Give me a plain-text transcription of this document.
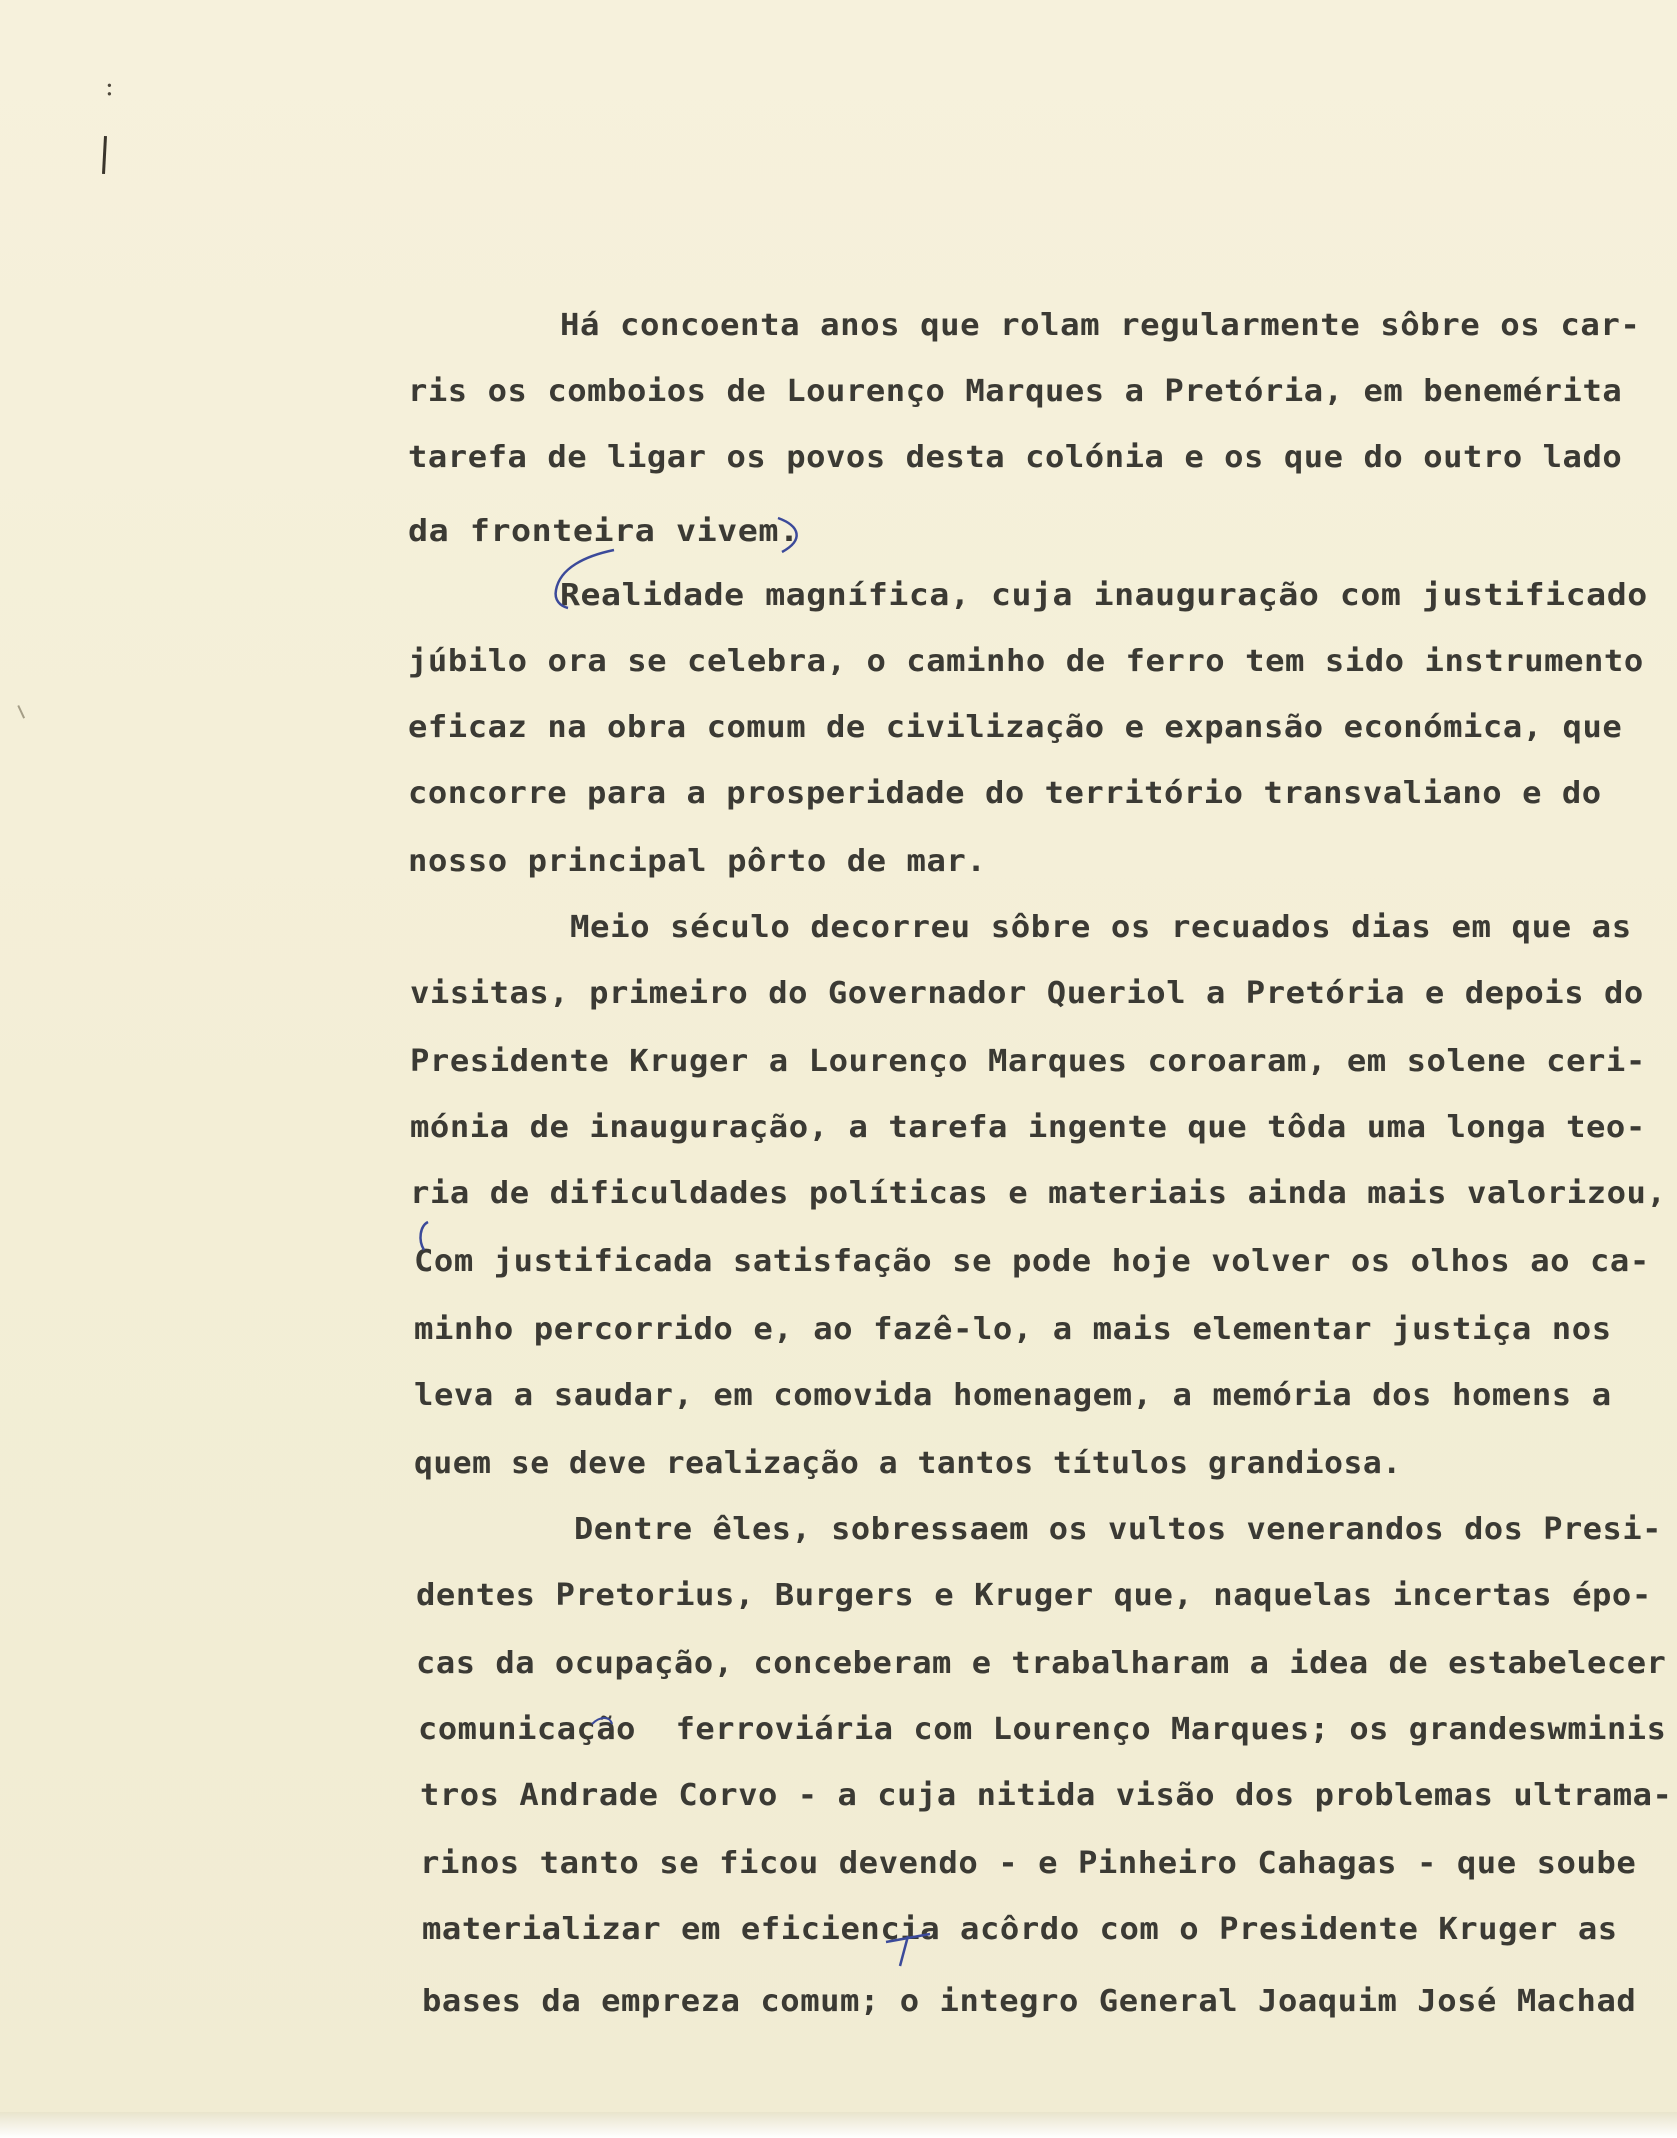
:
Há concoenta anos que rolam regularmente sôbre os car-
ris os comboios de Lourenço Marques a Pretória, em benemérita
tarefa de ligar os povos desta colónia e os que do outro lado
da fronteira vivem.
Realidade magnífica, cuja inauguração com justificado
júbilo ora se celebra, o caminho de ferro tem sido instrumento
eficaz na obra comum de civilização e expansão económica, que
concorre para a prosperidade do território transvaliano e do
nosso principal pôrto de mar.
Meio século decorreu sôbre os recuados dias em que as
visitas, primeiro do Governador Queriol a Pretória e depois do
Presidente Kruger a Lourenço Marques coroaram, em solene ceri-
mónia de inauguração, a tarefa ingente que tôda uma longa teo-
ria de dificuldades políticas e materiais ainda mais valorizou,
Com justificada satisfação se pode hoje volver os olhos ao ca-
minho percorrido e, ao fazê-lo, a mais elementar justiça nos
leva a saudar, em comovida homenagem, a memória dos homens a
quem se deve realização a tantos títulos grandiosa.
Dentre êles, sobressaem os vultos venerandos dos Presi-
dentes Pretorius, Burgers e Kruger que, naquelas incertas épo-
cas da ocupação, conceberam e trabalharam a idea de estabelecer
comunicação  ferroviária com Lourenço Marques; os grandeswminis
tros Andrade Corvo - a cuja nitida visão dos problemas ultrama-
rinos tanto se ficou devendo - e Pinheiro Cahagas - que soube
materializar em eficiencia acôrdo com o Presidente Kruger as
bases da empreza comum; o integro General Joaquim José Machad
